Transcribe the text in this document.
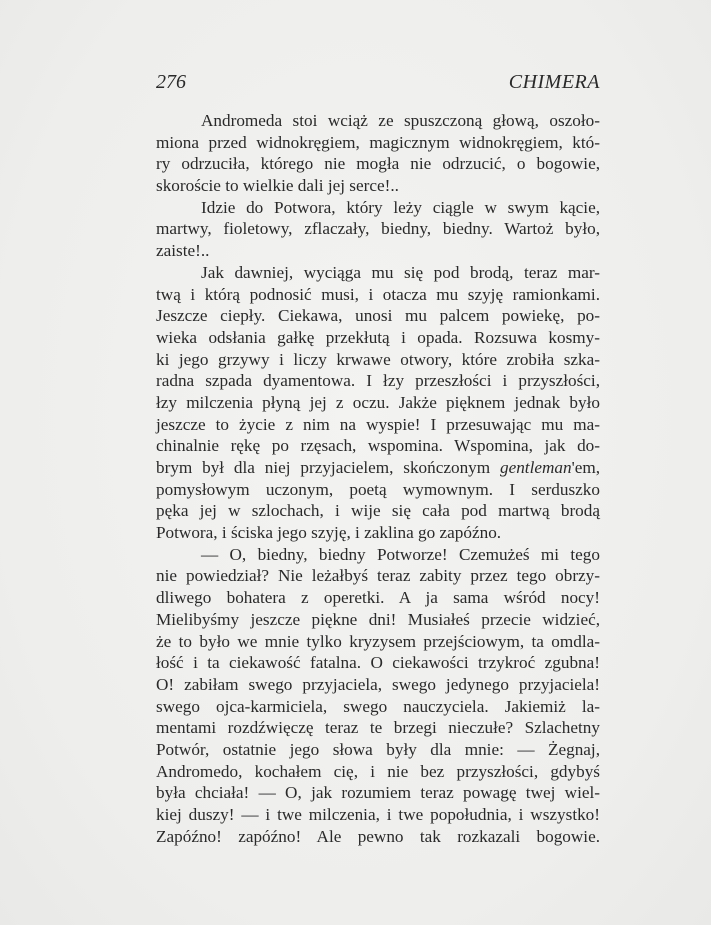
276	CHIMERA
Andromeda stoi wciąż ze spuszczoną głową, oszoło-
miona przed widnokręgiem, magicznym widnokręgiem, któ-
ry odrzuciła, którego nie mogła nie odrzucić, o bogowie,
skoroście to wielkie dali jej serce!..
Idzie do Potwora, który leży ciągle w swym kącie,
martwy, fioletowy, zflaczały, biedny, biedny. Wartoż było,
zaiste!..
Jak dawniej, wyciąga mu się pod brodą, teraz mar-
twą i którą podnosić musi, i otacza mu szyję ramionkami.
Jeszcze ciepły. Ciekawa, unosi mu palcem powiekę, po-
wieka odsłania gałkę przekłutą i opada. Rozsuwa kosmy-
ki jego grzywy i liczy krwawe otwory, które zrobiła szka-
radna szpada dyamentowa. I łzy przeszłości i przyszłości,
łzy milczenia płyną jej z oczu. Jakże pięknem jednak było
jeszcze to życie z nim na wyspie! I przesuwając mu ma-
chinalnie rękę po rzęsach, wspomina. Wspomina, jak do-
brym był dla niej przyjacielem, skończonym gentleman'em,
pomysłowym uczonym, poetą wymownym. I serduszko
pęka jej w szlochach, i wije się cała pod martwą brodą
Potwora, i ściska jego szyję, i zaklina go zapóźno.
— O, biedny, biedny Potworze! Czemużeś mi tego
nie powiedział? Nie leżałbyś teraz zabity przez tego obrzy-
dliwego bohatera z operetki. A ja sama wśród nocy!
Mielibyśmy jeszcze piękne dni! Musiałeś przecie widzieć,
że to było we mnie tylko kryzysem przejściowym, ta omdla-
łość i ta ciekawość fatalna. O ciekawości trzykroć zgubna!
O! zabiłam swego przyjaciela, swego jedynego przyjaciela!
swego ojca-karmiciela, swego nauczyciela. Jakiemiż la-
mentami rozdźwięczę teraz te brzegi nieczułe? Szlachetny
Potwór, ostatnie jego słowa były dla mnie: — Żegnaj,
Andromedo, kochałem cię, i nie bez przyszłości, gdybyś
była chciała! — O, jak rozumiem teraz powagę twej wiel-
kiej duszy! — i twe milczenia, i twe popołudnia, i wszystko!
Zapóźno! zapóźno! Ale pewno tak rozkazali bogowie.
